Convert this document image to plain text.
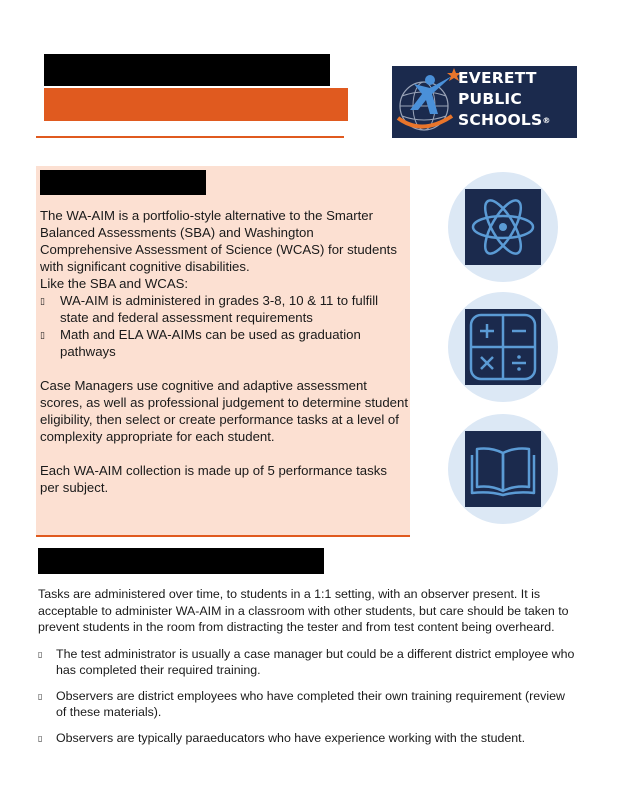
EVERETT
PUBLIC
SCHOOLS®

The WA-AIM is a portfolio-style alternative to the Smarter Balanced Assessments (SBA) and Washington Comprehensive Assessment of Science (WCAS) for students with significant cognitive disabilities.

Like the SBA and WCAS:

▯ WA-AIM is administered in grades 3-8, 10 & 11 to fulfill state and federal assessment requirements
▯ Math and ELA WA-AIMs can be used as graduation pathways

Case Managers use cognitive and adaptive assessment scores, as well as professional judgement to determine student eligibility, then select or create performance tasks at a level of complexity appropriate for each student.

Each WA-AIM collection is made up of 5 performance tasks per subject.

Tasks are administered over time, to students in a 1:1 setting, with an observer present. It is acceptable to administer WA-AIM in a classroom with other students, but care should be taken to prevent students in the room from distracting the tester and from test content being overheard.

▯ The test administrator is usually a case manager but could be a different district employee who has completed their required training.
▯ Observers are district employees who have completed their own training requirement (review of these materials).
▯ Observers are typically paraeducators who have experience working with the student.
